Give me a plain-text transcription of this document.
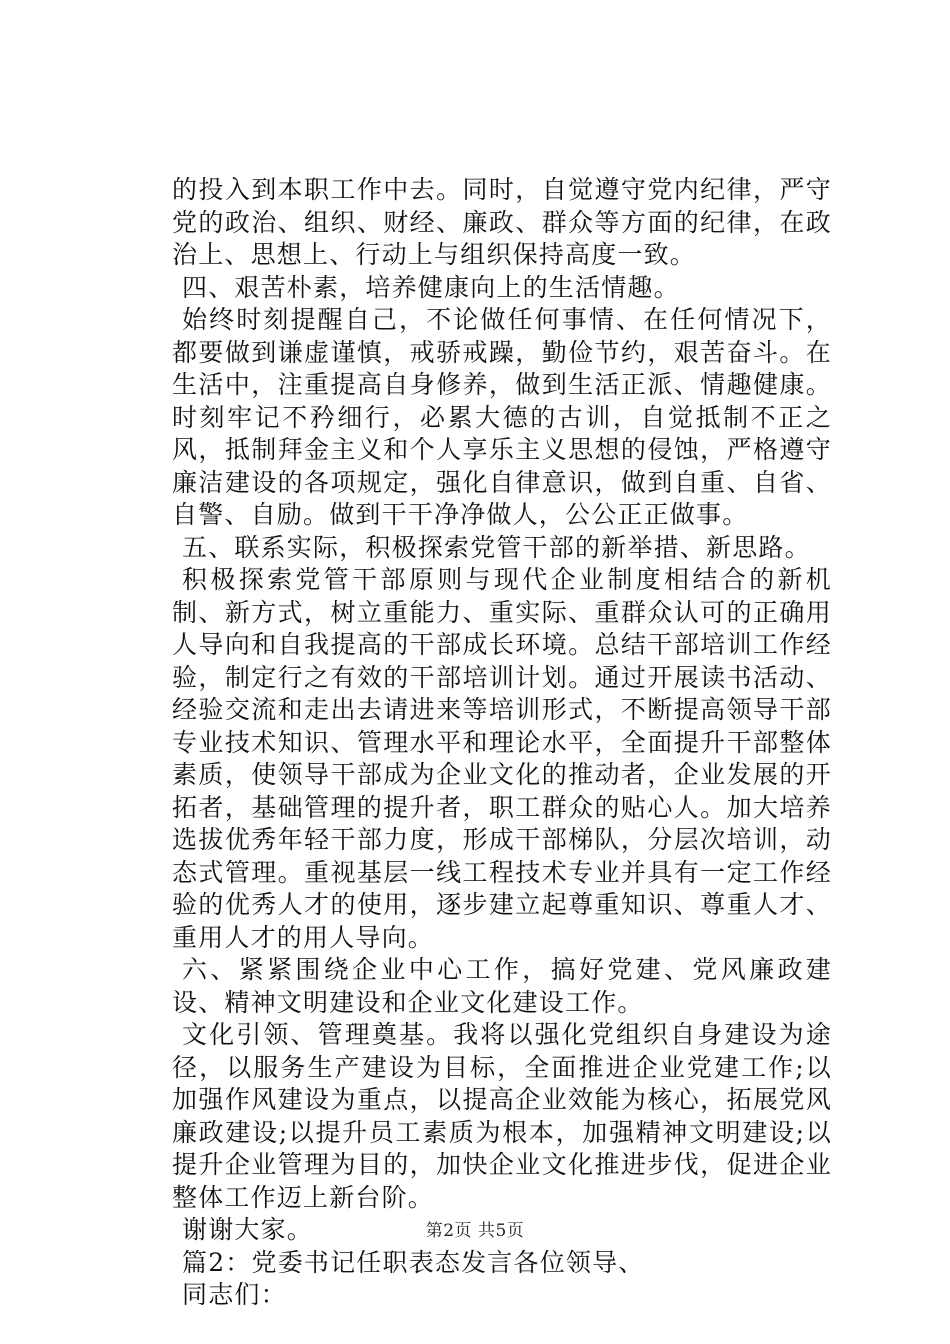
的投入到本职工作中去。同时，自觉遵守党内纪律，严守党的政治、组织、财经、廉政、群众等方面的纪律，在政治上、思想上、行动上与组织保持高度一致。

四、艰苦朴素，培养健康向上的生活情趣。

始终时刻提醒自己，不论做任何事情、在任何情况下，都要做到谦虚谨慎，戒骄戒躁，勤俭节约，艰苦奋斗。在生活中，注重提高自身修养，做到生活正派、情趣健康。时刻牢记不矜细行，必累大德的古训，自觉抵制不正之风，抵制拜金主义和个人享乐主义思想的侵蚀，严格遵守廉洁建设的各项规定，强化自律意识，做到自重、自省、自警、自励。做到干干净净做人，公公正正做事。

五、联系实际，积极探索党管干部的新举措、新思路。

积极探索党管干部原则与现代企业制度相结合的新机制、新方式，树立重能力、重实际、重群众认可的正确用人导向和自我提高的干部成长环境。总结干部培训工作经验，制定行之有效的干部培训计划。通过开展读书活动、经验交流和走出去请进来等培训形式，不断提高领导干部专业技术知识、管理水平和理论水平，全面提升干部整体素质，使领导干部成为企业文化的推动者，企业发展的开拓者，基础管理的提升者，职工群众的贴心人。加大培养选拔优秀年轻干部力度，形成干部梯队，分层次培训，动态式管理。重视基层一线工程技术专业并具有一定工作经验的优秀人才的使用，逐步建立起尊重知识、尊重人才、重用人才的用人导向。

六、紧紧围绕企业中心工作，搞好党建、党风廉政建设、精神文明建设和企业文化建设工作。

文化引领、管理奠基。我将以强化党组织自身建设为途径，以服务生产建设为目标，全面推进企业党建工作;以加强作风建设为重点，以提高企业效能为核心，拓展党风廉政建设;以提升员工素质为根本，加强精神文明建设;以提升企业管理为目的，加快企业文化推进步伐，促进企业整体工作迈上新台阶。

谢谢大家。

篇2：党委书记任职表态发言各位领导、

同志们：

第2页 共5页
